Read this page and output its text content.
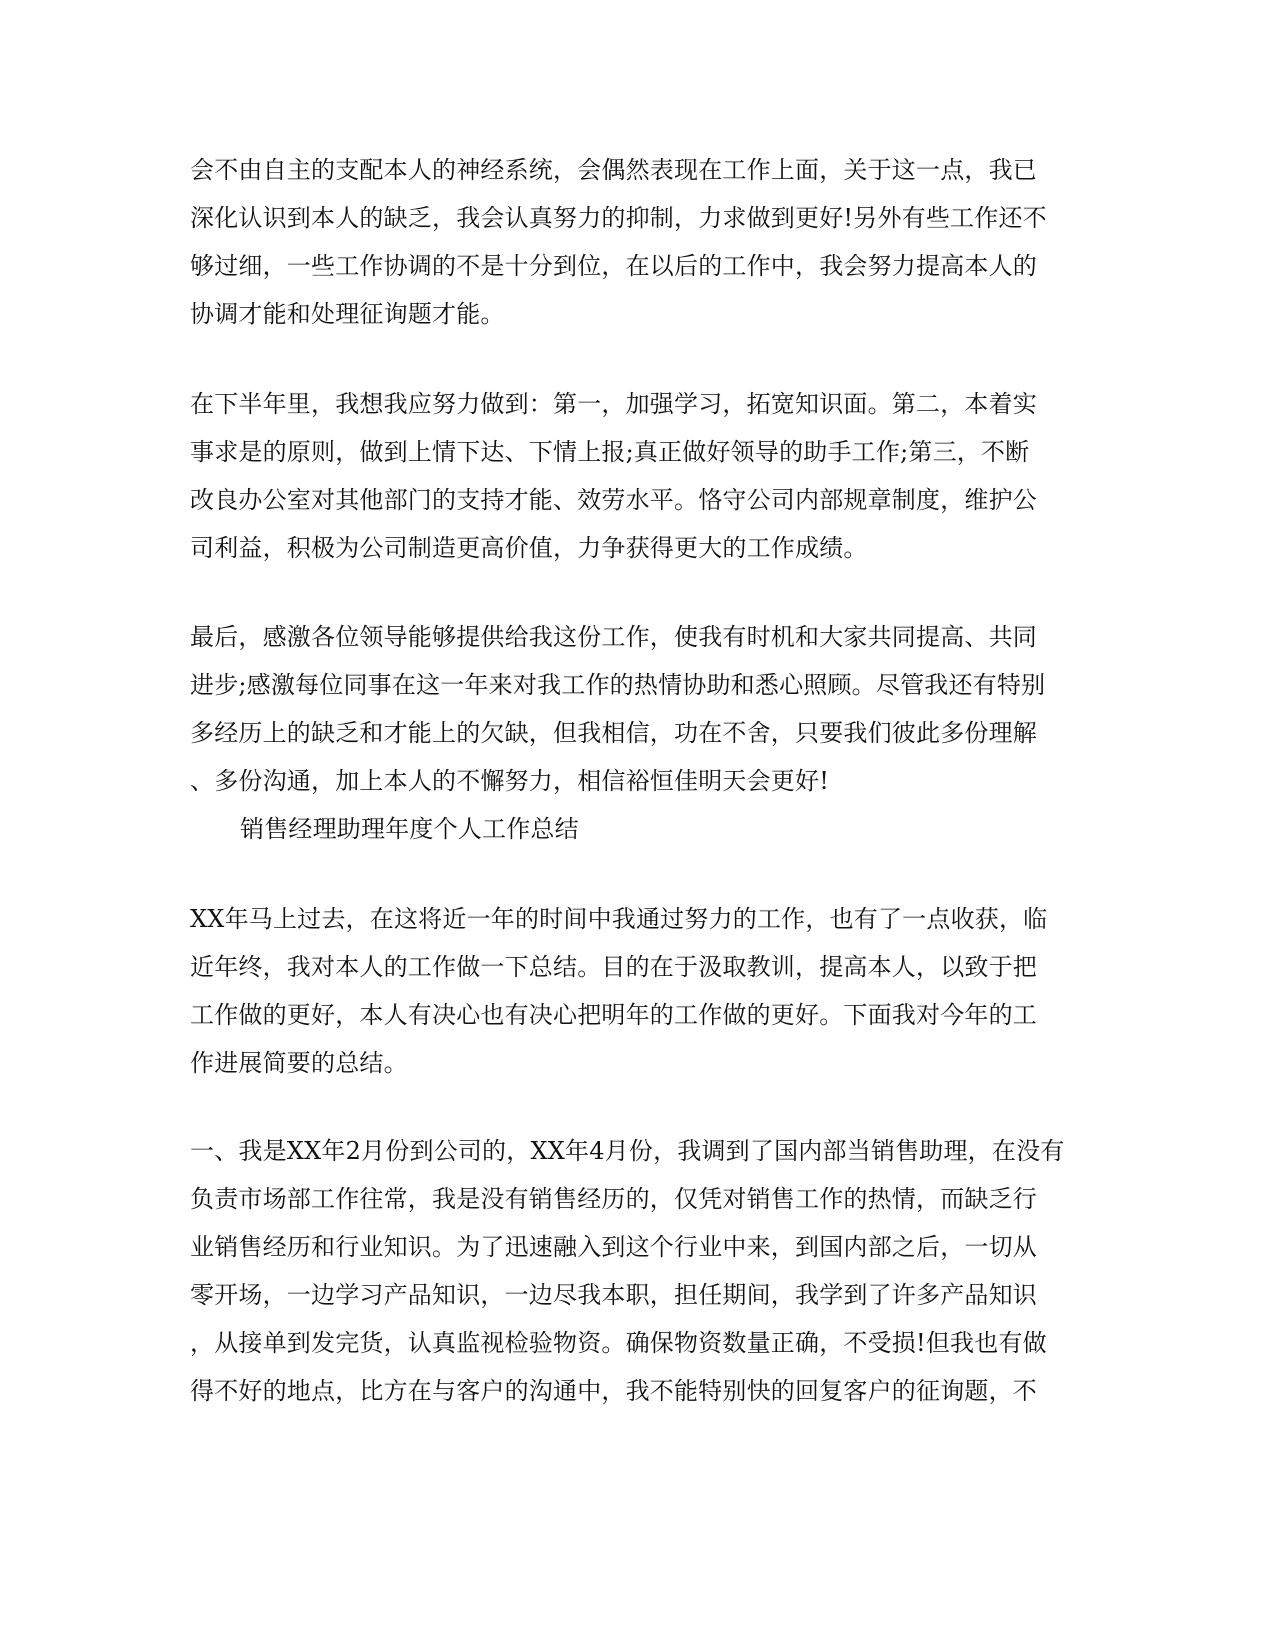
会不由自主的支配本人的神经系统，会偶然表现在工作上面，关于这一点，我已
深化认识到本人的缺乏，我会认真努力的抑制，力求做到更好!另外有些工作还不
够过细，一些工作协调的不是十分到位，在以后的工作中，我会努力提高本人的
协调才能和处理征询题才能。
在下半年里，我想我应努力做到：第一，加强学习，拓宽知识面。第二，本着实
事求是的原则，做到上情下达、下情上报;真正做好领导的助手工作;第三，不断
改良办公室对其他部门的支持才能、效劳水平。恪守公司内部规章制度，维护公
司利益，积极为公司制造更高价值，力争获得更大的工作成绩。
最后，感激各位领导能够提供给我这份工作，使我有时机和大家共同提高、共同
进步;感激每位同事在这一年来对我工作的热情协助和悉心照顾。尽管我还有特别
多经历上的缺乏和才能上的欠缺，但我相信，功在不舍，只要我们彼此多份理解
、多份沟通，加上本人的不懈努力，相信裕恒佳明天会更好!
销售经理助理年度个人工作总结
XX年马上过去，在这将近一年的时间中我通过努力的工作，也有了一点收获，临
近年终，我对本人的工作做一下总结。目的在于汲取教训，提高本人，以致于把
工作做的更好，本人有决心也有决心把明年的工作做的更好。下面我对今年的工
作进展简要的总结。
一、我是XX年2月份到公司的，XX年4月份，我调到了国内部当销售助理，在没有
负责市场部工作往常，我是没有销售经历的，仅凭对销售工作的热情，而缺乏行
业销售经历和行业知识。为了迅速融入到这个行业中来，到国内部之后，一切从
零开场，一边学习产品知识，一边尽我本职，担任期间，我学到了许多产品知识
，从接单到发完货，认真监视检验物资。确保物资数量正确，不受损!但我也有做
得不好的地点，比方在与客户的沟通中，我不能特别快的回复客户的征询题，不
